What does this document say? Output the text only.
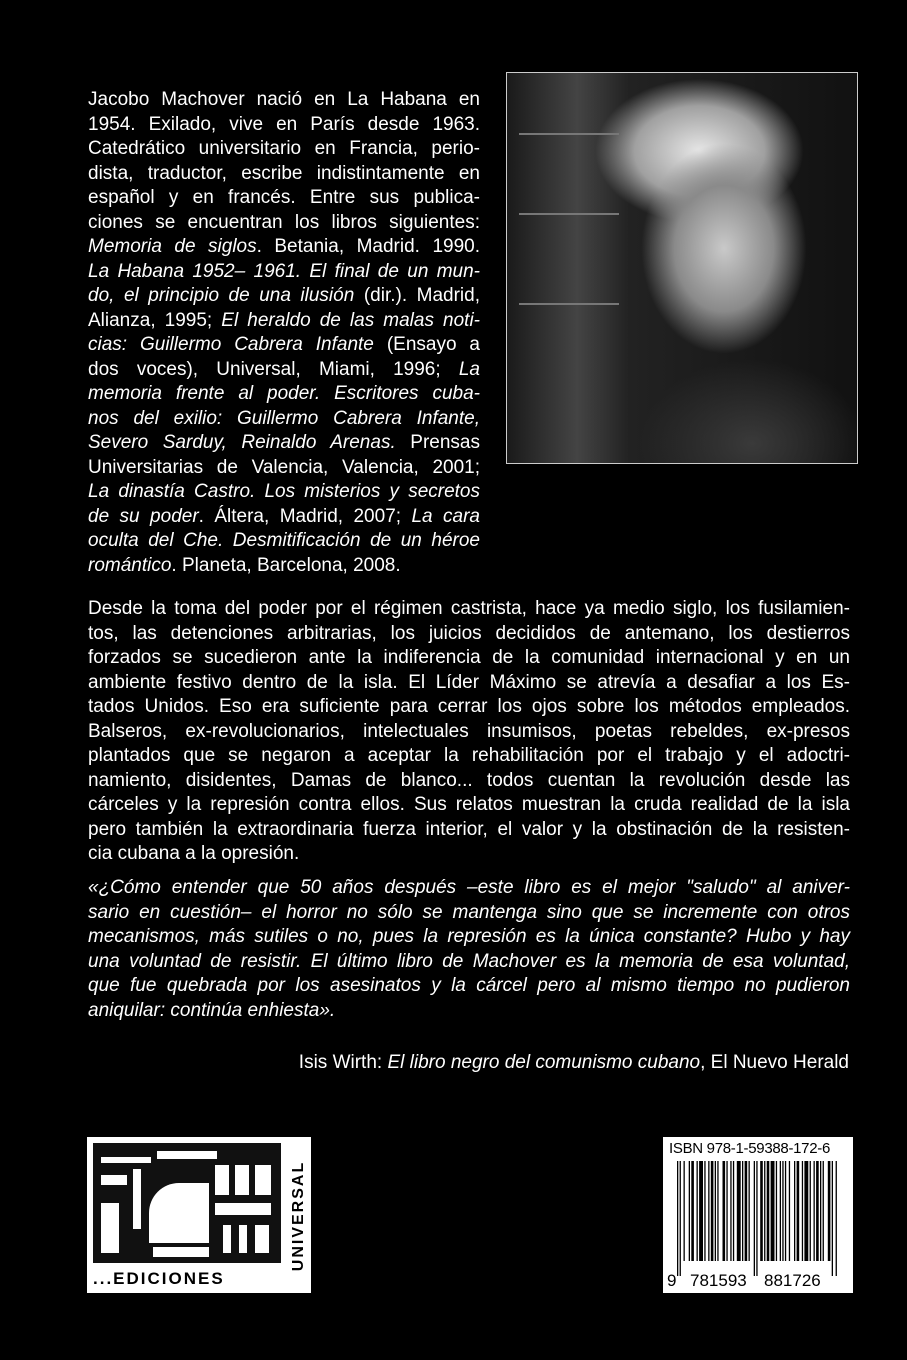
Jacobo Machover nació en La Habana en
1954. Exilado, vive en París desde 1963.
Catedrático universitario en Francia, perio-
dista, traductor, escribe indistintamente en
español y en francés. Entre sus publica-
ciones se encuentran los libros siguientes:
Memoria de siglos. Betania, Madrid. 1990.
La Habana 1952– 1961. El final de un mun-
do, el principio de una ilusión (dir.). Madrid,
Alianza, 1995; El heraldo de las malas noti-
cias: Guillermo Cabrera Infante (Ensayo a
dos voces), Universal, Miami, 1996; La
memoria frente al poder. Escritores cuba-
nos del exilio: Guillermo Cabrera Infante,
Severo Sarduy, Reinaldo Arenas. Prensas
Universitarias de Valencia, Valencia, 2001;
La dinastía Castro. Los misterios y secretos
de su poder. Áltera, Madrid, 2007; La cara
oculta del Che. Desmitificación de un héroe
romántico. Planeta, Barcelona, 2008.
Desde la toma del poder por el régimen castrista, hace ya medio siglo, los fusilamien-
tos, las detenciones arbitrarias, los juicios decididos de antemano, los destierros
forzados se sucedieron ante la indiferencia de la comunidad internacional y en un
ambiente festivo dentro de la isla. El Líder Máximo se atrevía a desafiar a los Es-
tados Unidos. Eso era suficiente para cerrar los ojos sobre los métodos empleados.
Balseros, ex-revolucionarios, intelectuales insumisos, poetas rebeldes, ex-presos
plantados que se negaron a aceptar la rehabilitación por el trabajo y el adoctri-
namiento, disidentes, Damas de blanco... todos cuentan la revolución desde las
cárceles y la represión contra ellos. Sus relatos muestran la cruda realidad de la isla
pero también la extraordinaria fuerza interior, el valor y la obstinación de la resisten-
cia cubana a la opresión.
«¿Cómo entender que 50 años después –este libro es el mejor "saludo" al aniver-
sario en cuestión– el horror no sólo se mantenga sino que se incremente con otros
mecanismos, más sutiles o no, pues la represión es la única constante? Hubo y hay
una voluntad de resistir. El último libro de Machover es la memoria de esa voluntad,
que fue quebrada por los asesinatos y la cárcel pero al mismo tiempo no pudieron
aniquilar: continúa enhiesta».
Isis Wirth: El libro negro del comunismo cubano, El Nuevo Herald
...EDICIONES
UNIVERSAL
ISBN 978-1-59388-172-6
9 781593 881726
